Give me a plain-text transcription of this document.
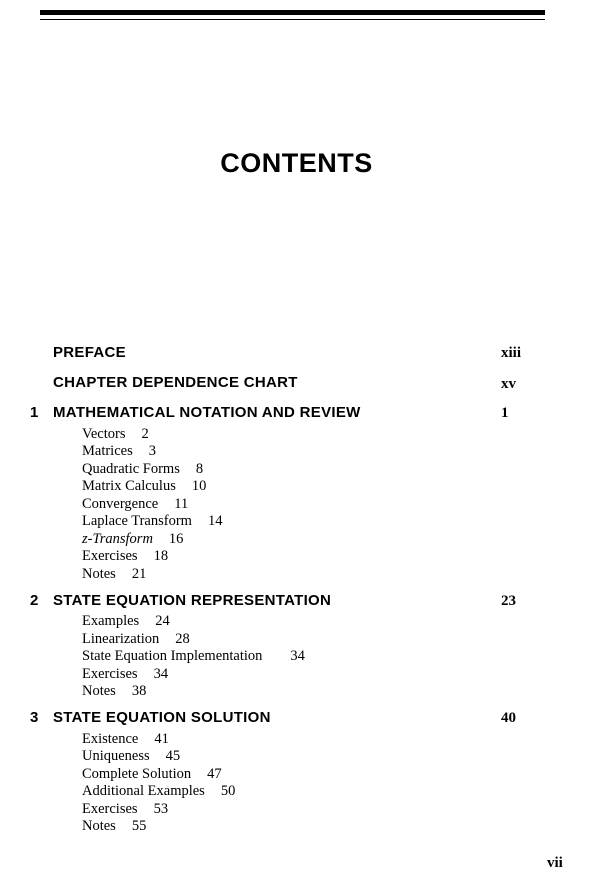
CONTENTS
PREFACE	xiii
CHAPTER DEPENDENCE CHART	xv
1 MATHEMATICAL NOTATION AND REVIEW	1
Vectors 2
Matrices 3
Quadratic Forms 8
Matrix Calculus 10
Convergence 11
Laplace Transform 14
z-Transform 16
Exercises 18
Notes 21
2 STATE EQUATION REPRESENTATION	23
Examples 24
Linearization 28
State Equation Implementation 34
Exercises 34
Notes 38
3 STATE EQUATION SOLUTION	40
Existence 41
Uniqueness 45
Complete Solution 47
Additional Examples 50
Exercises 53
Notes 55
vii
